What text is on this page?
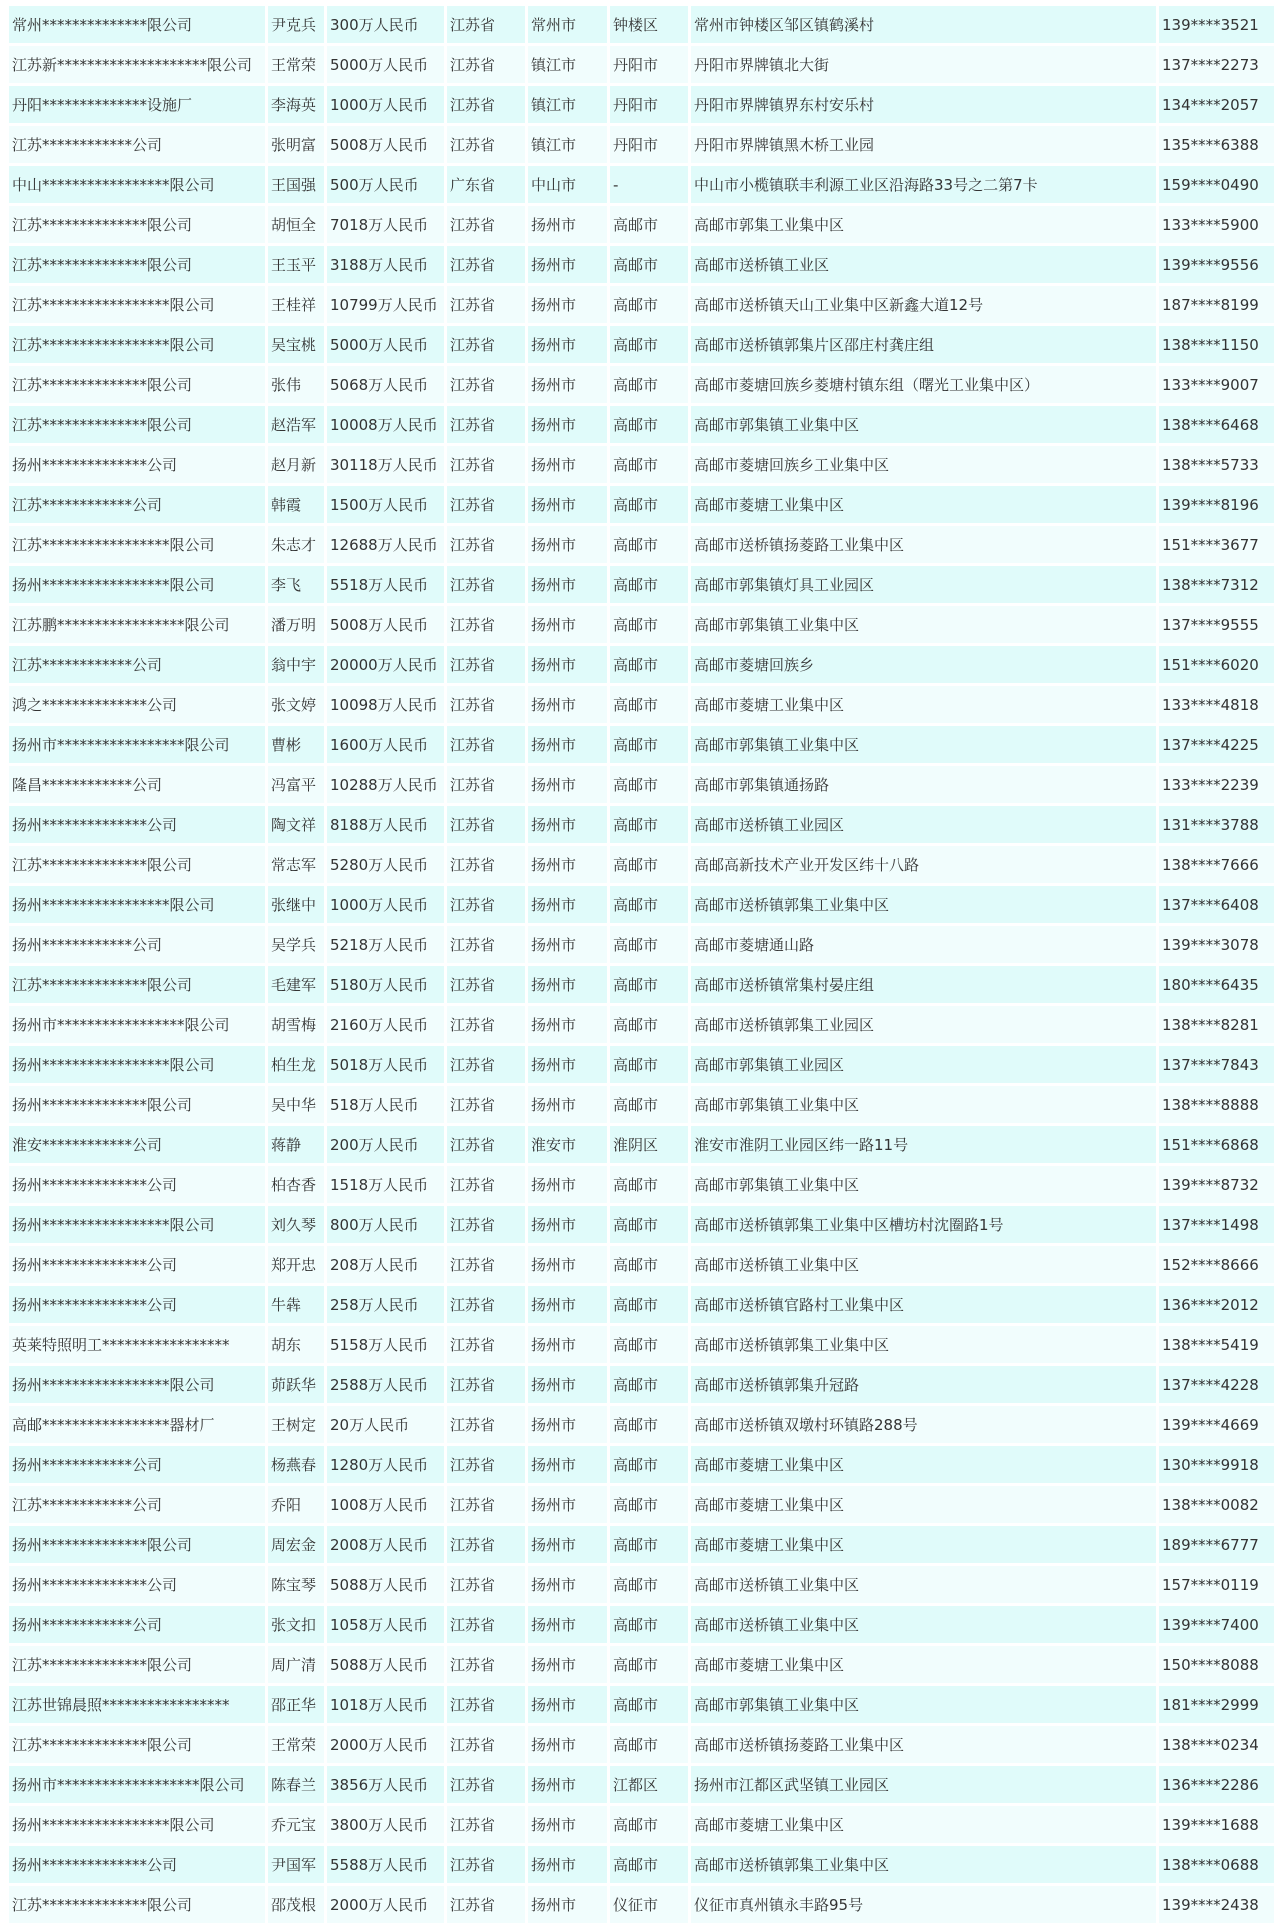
常州**************限公司	尹克兵	300万人民币	江苏省	常州市	钟楼区	常州市钟楼区邹区镇鹤溪村	139****3521
江苏新********************限公司	王常荣	5000万人民币	江苏省	镇江市	丹阳市	丹阳市界牌镇北大街	137****2273
丹阳**************设施厂	李海英	1000万人民币	江苏省	镇江市	丹阳市	丹阳市界牌镇界东村安乐村	134****2057
江苏************公司	张明富	5008万人民币	江苏省	镇江市	丹阳市	丹阳市界牌镇黑木桥工业园	135****6388
中山*****************限公司	王国强	500万人民币	广东省	中山市	-	中山市小榄镇联丰利源工业区沿海路33号之二第7卡	159****0490
江苏**************限公司	胡恒全	7018万人民币	江苏省	扬州市	高邮市	高邮市郭集工业集中区	133****5900
江苏**************限公司	王玉平	3188万人民币	江苏省	扬州市	高邮市	高邮市送桥镇工业区	139****9556
江苏*****************限公司	王桂祥	10799万人民币	江苏省	扬州市	高邮市	高邮市送桥镇天山工业集中区新鑫大道12号	187****8199
江苏*****************限公司	吴宝桃	5000万人民币	江苏省	扬州市	高邮市	高邮市送桥镇郭集片区邵庄村龚庄组	138****1150
江苏**************限公司	张伟	5068万人民币	江苏省	扬州市	高邮市	高邮市菱塘回族乡菱塘村镇东组（曙光工业集中区）	133****9007
江苏**************限公司	赵浩军	10008万人民币	江苏省	扬州市	高邮市	高邮市郭集镇工业集中区	138****6468
扬州**************公司	赵月新	30118万人民币	江苏省	扬州市	高邮市	高邮市菱塘回族乡工业集中区	138****5733
江苏************公司	韩霞	1500万人民币	江苏省	扬州市	高邮市	高邮市菱塘工业集中区	139****8196
江苏*****************限公司	朱志才	12688万人民币	江苏省	扬州市	高邮市	高邮市送桥镇扬菱路工业集中区	151****3677
扬州*****************限公司	李飞	5518万人民币	江苏省	扬州市	高邮市	高邮市郭集镇灯具工业园区	138****7312
江苏鹏*****************限公司	潘万明	5008万人民币	江苏省	扬州市	高邮市	高邮市郭集镇工业集中区	137****9555
江苏************公司	翁中宇	20000万人民币	江苏省	扬州市	高邮市	高邮市菱塘回族乡	151****6020
鸿之**************公司	张文婷	10098万人民币	江苏省	扬州市	高邮市	高邮市菱塘工业集中区	133****4818
扬州市*****************限公司	曹彬	1600万人民币	江苏省	扬州市	高邮市	高邮市郭集镇工业集中区	137****4225
隆昌************公司	冯富平	10288万人民币	江苏省	扬州市	高邮市	高邮市郭集镇通扬路	133****2239
扬州**************公司	陶文祥	8188万人民币	江苏省	扬州市	高邮市	高邮市送桥镇工业园区	131****3788
江苏**************限公司	常志军	5280万人民币	江苏省	扬州市	高邮市	高邮高新技术产业开发区纬十八路	138****7666
扬州*****************限公司	张继中	1000万人民币	江苏省	扬州市	高邮市	高邮市送桥镇郭集工业集中区	137****6408
扬州************公司	吴学兵	5218万人民币	江苏省	扬州市	高邮市	高邮市菱塘通山路	139****3078
江苏**************限公司	毛建军	5180万人民币	江苏省	扬州市	高邮市	高邮市送桥镇常集村晏庄组	180****6435
扬州市*****************限公司	胡雪梅	2160万人民币	江苏省	扬州市	高邮市	高邮市送桥镇郭集工业园区	138****8281
扬州*****************限公司	柏生龙	5018万人民币	江苏省	扬州市	高邮市	高邮市郭集镇工业园区	137****7843
扬州**************限公司	吴中华	518万人民币	江苏省	扬州市	高邮市	高邮市郭集镇工业集中区	138****8888
淮安************公司	蒋静	200万人民币	江苏省	淮安市	淮阴区	淮安市淮阴工业园区纬一路11号	151****6868
扬州**************公司	柏杏香	1518万人民币	江苏省	扬州市	高邮市	高邮市郭集镇工业集中区	139****8732
扬州*****************限公司	刘久琴	800万人民币	江苏省	扬州市	高邮市	高邮市送桥镇郭集工业集中区槽坊村沈圈路1号	137****1498
扬州**************公司	郑开忠	208万人民币	江苏省	扬州市	高邮市	高邮市送桥镇工业集中区	152****8666
扬州**************公司	牛犇	258万人民币	江苏省	扬州市	高邮市	高邮市送桥镇官路村工业集中区	136****2012
英莱特照明工*****************	胡东	5158万人民币	江苏省	扬州市	高邮市	高邮市送桥镇郭集工业集中区	138****5419
扬州*****************限公司	茆跃华	2588万人民币	江苏省	扬州市	高邮市	高邮市送桥镇郭集升冠路	137****4228
高邮*****************器材厂	王树定	20万人民币	江苏省	扬州市	高邮市	高邮市送桥镇双墩村环镇路288号	139****4669
扬州************公司	杨燕春	1280万人民币	江苏省	扬州市	高邮市	高邮市菱塘工业集中区	130****9918
江苏************公司	乔阳	1008万人民币	江苏省	扬州市	高邮市	高邮市菱塘工业集中区	138****0082
扬州**************限公司	周宏金	2008万人民币	江苏省	扬州市	高邮市	高邮市菱塘工业集中区	189****6777
扬州**************公司	陈宝琴	5088万人民币	江苏省	扬州市	高邮市	高邮市送桥镇工业集中区	157****0119
扬州************公司	张文扣	1058万人民币	江苏省	扬州市	高邮市	高邮市送桥镇工业集中区	139****7400
江苏**************限公司	周广清	5088万人民币	江苏省	扬州市	高邮市	高邮市菱塘工业集中区	150****8088
江苏世锦晨照*****************	邵正华	1018万人民币	江苏省	扬州市	高邮市	高邮市郭集镇工业集中区	181****2999
江苏**************限公司	王常荣	2000万人民币	江苏省	扬州市	高邮市	高邮市送桥镇扬菱路工业集中区	138****0234
扬州市*******************限公司	陈春兰	3856万人民币	江苏省	扬州市	江都区	扬州市江都区武坚镇工业园区	136****2286
扬州*****************限公司	乔元宝	3800万人民币	江苏省	扬州市	高邮市	高邮市菱塘工业集中区	139****1688
扬州**************公司	尹国军	5588万人民币	江苏省	扬州市	高邮市	高邮市送桥镇郭集工业集中区	138****0688
江苏**************限公司	邵茂根	2000万人民币	江苏省	扬州市	仪征市	仪征市真州镇永丰路95号	139****2438
